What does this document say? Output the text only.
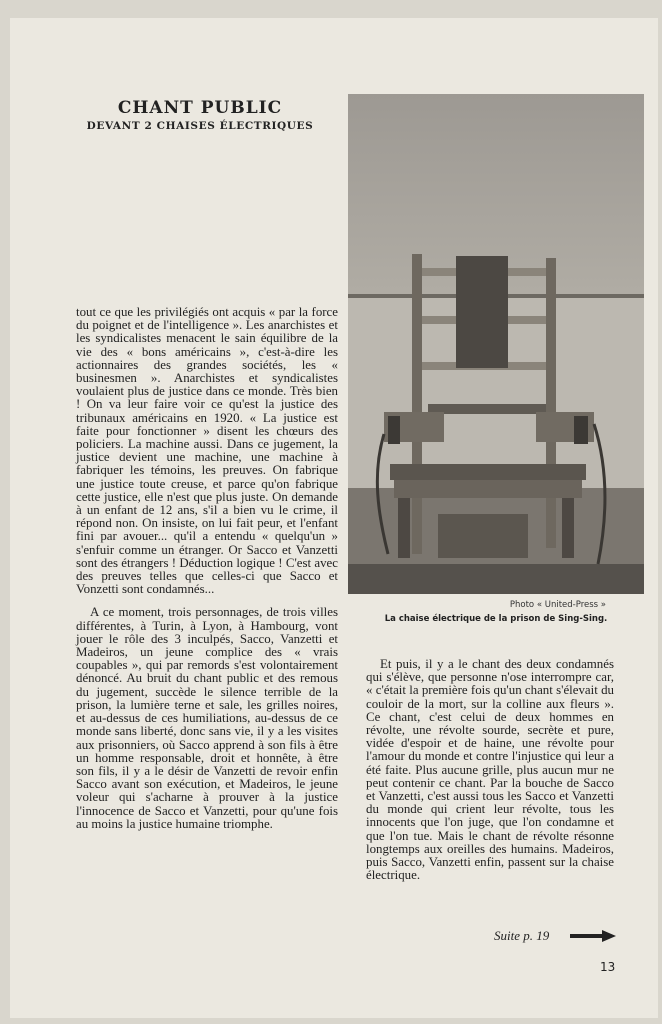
CHANT PUBLIC
DEVANT 2 CHAISES ÉLECTRIQUES
Photo « United-Press »
La chaise électrique de la prison de Sing-Sing.

tout ce que les privilégiés ont acquis « par la force du poignet et de l'intelligence ». Les anarchistes et les syndicalistes menacent le sain équilibre de la vie des « bons américains », c'est-à-dire les actionnaires des grandes sociétés, les « businesmen ». Anarchistes et syndicalistes voulaient plus de justice dans ce monde. Très bien ! On va leur faire voir ce qu'est la justice des tribunaux américains en 1920. « La justice est faite pour fonctionner » disent les chœurs des policiers. La machine aussi. Dans ce jugement, la justice devient une machine, une machine à fabriquer les témoins, les preuves. On fabrique une justice toute creuse, et parce qu'on fabrique cette justice, elle n'est que plus juste. On demande à un enfant de 12 ans, s'il a bien vu le crime, il répond non. On insiste, on lui fait peur, et l'enfant fini par avouer... qu'il a entendu « quelqu'un » s'enfuir comme un étranger. Or Sacco et Vanzetti sont des étrangers ! Déduction logique ! C'est avec des preuves telles que celles-ci que Sacco et Vonzetti sont condamnés...

A ce moment, trois personnages, de trois villes différentes, à Turin, à Lyon, à Hambourg, vont jouer le rôle des 3 inculpés, Sacco, Vanzetti et Madeiros, un jeune complice des « vrais coupables », qui par remords s'est volontairement dénoncé. Au bruit du chant public et des remous du jugement, succède le silence terrible de la prison, la lumière terne et sale, les grilles noires, et au-dessus de ces humiliations, au-dessus de ce monde sans liberté, donc sans vie, il y a les visites aux prisonniers, où Sacco apprend à son fils à être un homme responsable, droit et honnête, à être son fils, il y a le désir de Vanzetti de revoir enfin Sacco avant son exécution, et Madeiros, le jeune voleur qui s'acharne à prouver à la justice l'innocence de Sacco et Vanzetti, pour qu'une fois au moins la justice humaine triomphe.

Et puis, il y a le chant des deux condamnés qui s'élève, que personne n'ose interrompre car, « c'était la première fois qu'un chant s'élevait du couloir de la mort, sur la colline aux fleurs ». Ce chant, c'est celui de deux hommes en révolte, une révolte sourde, secrète et pure, vidée d'espoir et de haine, une révolte pour l'amour du monde et contre l'injustice qui leur a été faite. Plus aucune grille, plus aucun mur ne peut contenir ce chant. Par la bouche de Sacco et Vanzetti, c'est aussi tous les Sacco et Vanzetti du monde qui crient leur révolte, tous les innocents que l'on juge, que l'on condamne et que l'on tue. Mais le chant de révolte résonne longtemps aux oreilles des humains. Madeiros, puis Sacco, Vanzetti enfin, passent sur la chaise électrique.

Suite p. 19
13
